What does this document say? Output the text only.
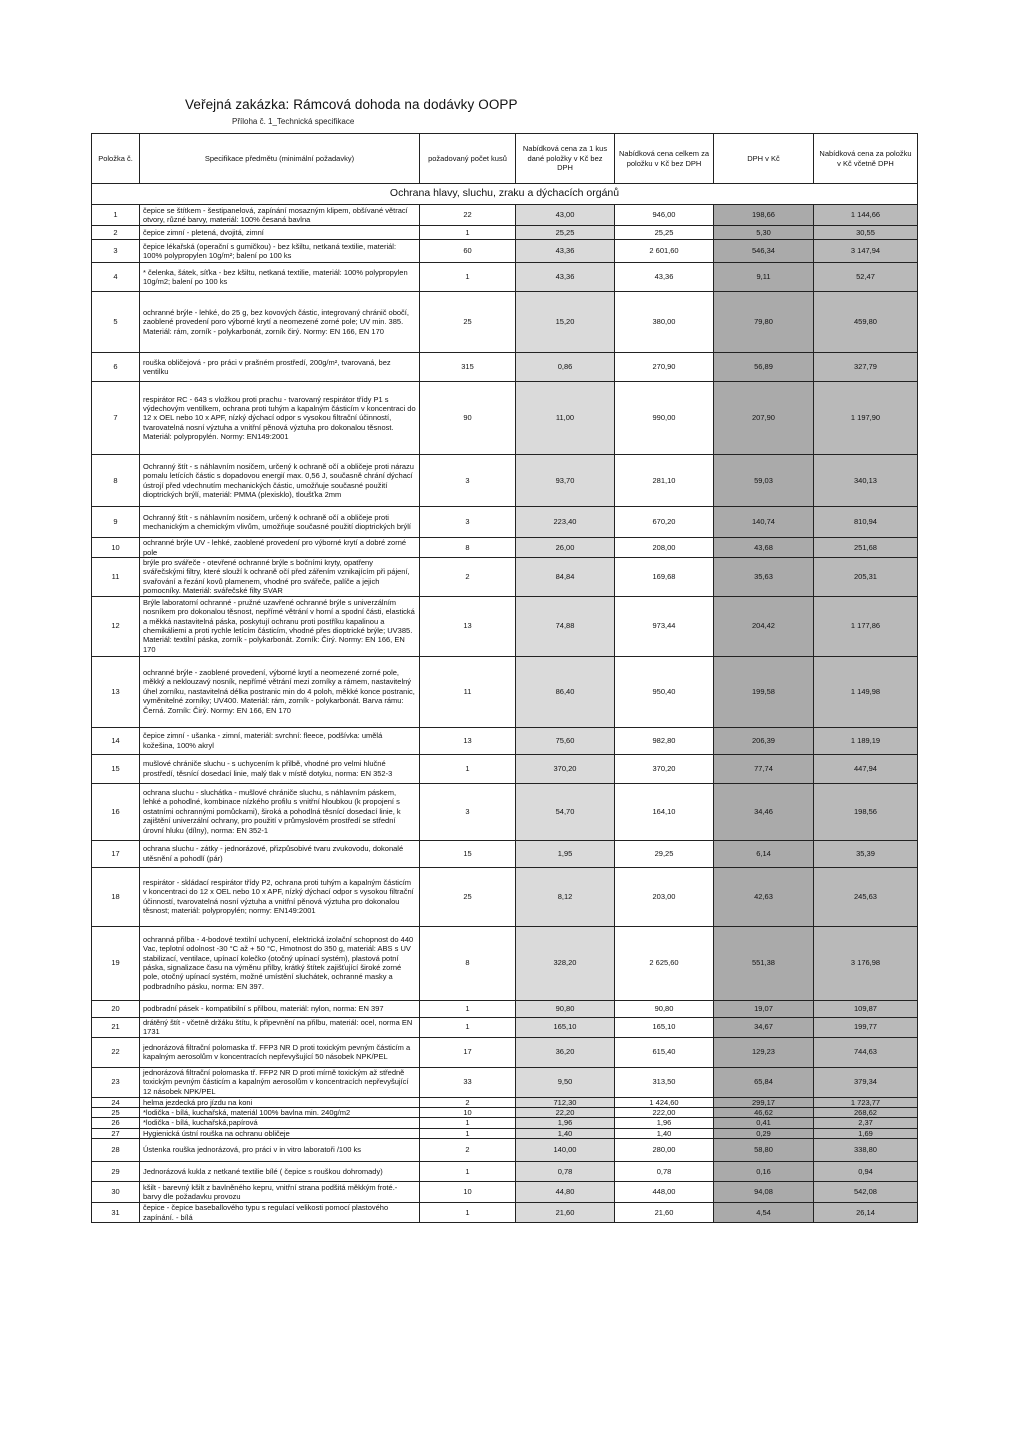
Veřejná zakázka: Rámcová dohoda na dodávky OOPP
Příloha č. 1_Technická specifikace
Položka č.	Specifikace předmětu (minimální požadavky)	požadovaný počet kusů	Nabídková cena za 1 kus dané položky v Kč bez DPH	Nabídková cena celkem za položku v Kč bez DPH	DPH v Kč	Nabídková cena za položku v Kč včetně DPH
Ochrana hlavy, sluchu, zraku a dýchacích orgánů						
1	čepice se štítkem - šestipanelová, zapínání mosazným klipem, obšívané větrací otvory, různé barvy, materiál: 100% česaná bavlna	22	43,00	946,00	198,66	1 144,66
2	čepice zimní - pletená, dvojitá, zimní	1	25,25	25,25	5,30	30,55
3	čepice lékařská (operační s gumičkou) - bez kšiltu, netkaná textilie, materiál: 100% polypropylen 10g/m²; balení po 100 ks	60	43,36	2 601,60	546,34	3 147,94
4	* čelenka, šátek, síťka - bez kšiltu, netkaná textilie, materiál: 100% polypropylen 10g/m2; balení po 100 ks	1	43,36	43,36	9,11	52,47
5	ochranné brýle - lehké, do 25 g, bez kovových částic, integrovaný chránič obočí, zaoblené provedení poro výborné krytí a neomezené zorné pole; UV min. 385. Materiál: rám, zorník - polykarbonát, zorník čirý. Normy: EN 166, EN 170	25	15,20	380,00	79,80	459,80
6	rouška obličejová - pro práci v prašném prostředí, 200g/m², tvarovaná, bez ventilku	315	0,86	270,90	56,89	327,79
7	respirátor RC - 643 s vložkou proti prachu - tvarovaný respirátor třídy P1 s výdechovým ventilkem, ochrana proti tuhým a kapalným částicím v koncentraci do 12 x OEL nebo 10 x APF, nízký dýchací odpor s vysokou filtrační účinností, tvarovatelná nosní výztuha a vnitřní pěnová výztuha pro dokonalou těsnost. Materiál: polypropylén. Normy: EN149:2001	90	11,00	990,00	207,90	1 197,90
8	Ochranný štít - s náhlavním nosičem, určený k ochraně očí a obličeje proti nárazu pomalu letících částic s dopadovou energií max. 0,56 J, současně chrání dýchací ústrojí před vdechnutím mechanických částic, umožňuje současné použití dioptrických brýlí, materiál: PMMA (plexisklo), tloušťka 2mm	3	93,70	281,10	59,03	340,13
9	Ochranný štít - s náhlavním nosičem, určený k ochraně očí a obličeje proti mechanickým a chemickým vlivům, umožňuje současné použití dioptrických brýlí	3	223,40	670,20	140,74	810,94
10	ochranné brýle UV - lehké, zaoblené provedení pro výborné krytí a dobré zorné pole	8	26,00	208,00	43,68	251,68
11	brýle pro svářeče - otevřené ochranné brýle s bočními kryty, opatřeny svářečskými filtry, které slouží k ochraně očí před zářením vznikajícím při pájení, svařování a řezání kovů plamenem, vhodné pro svářeče, palíče a jejich pomocníky. Materiál: svářečské filty SVAR	2	84,84	169,68	35,63	205,31
12	Brýle laboratorní ochranné - pružné uzavřené ochranné brýle s univerzálním nosníkem pro dokonalou těsnost, nepřímé větrání v horní a spodní části, elastická a měkká nastavitelná páska, poskytují ochranu proti postříku kapalinou a chemikáliemi a proti rychle letícím částicím, vhodné přes dioptrické brýle; UV385. Materiál: textilní páska, zorník - polykarbonát. Zorník: Čirý. Normy: EN 166, EN 170	13	74,88	973,44	204,42	1 177,86
13	ochranné brýle - zaoblené provedení, výborné krytí a neomezené zorné pole, měkký a neklouzavý nosník, nepřímé větrání mezi zorníky a rámem, nastavitelný úhel zorníku, nastavitelná délka postranic min do 4 poloh, měkké konce postranic, vyměnitelné zorníky; UV400. Materiál: rám, zorník - polykarbonát. Barva rámu: Černá. Zorník: Čirý. Normy: EN 166, EN 170	11	86,40	950,40	199,58	1 149,98
14	čepice zimní - ušanka - zimní, materiál: svrchní: fleece, podšívka: umělá kožešina, 100% akryl	13	75,60	982,80	206,39	1 189,19
15	mušlové chrániče sluchu - s uchycením k přilbě, vhodné pro velmi hlučné prostředí, těsnící dosedací linie, malý tlak v místě dotyku, norma: EN 352-3	1	370,20	370,20	77,74	447,94
16	ochrana sluchu - sluchátka - mušlové chrániče sluchu, s náhlavním páskem, lehké a pohodlné, kombinace nízkého profilu s vnitřní hloubkou (k propojení s ostatními ochrannými pomůckami), široká a pohodlná těsnící dosedací linie, k zajištění univerzální ochrany, pro použití v průmyslovém prostředí se střední úrovní hluku (dílny), norma: EN 352-1	3	54,70	164,10	34,46	198,56
17	ochrana sluchu - zátky - jednorázové, přizpůsobivé tvaru zvukovodu, dokonalé utěsnění a pohodlí (pár)	15	1,95	29,25	6,14	35,39
18	respirátor - skládací respirátor třídy P2, ochrana proti tuhým a kapalným částicím v koncentraci do 12 x OEL nebo 10 x APF, nízký dýchací odpor s vysokou filtrační účinností, tvarovatelná nosní výztuha a vnitřní pěnová výztuha pro dokonalou těsnost; materiál: polypropylén; normy: EN149:2001	25	8,12	203,00	42,63	245,63
19	ochranná přilba - 4-bodové textilní uchycení, elektrická izolační schopnost do 440 Vac, teplotní odolnost -30 °C až + 50 °C, Hmotnost do 350 g, materiál: ABS s UV stabilizací, ventilace, upínací kolečko (otočný upínací systém), plastová potní páska, signalizace času na výměnu přilby, krátký štítek zajišťující široké zorné pole, otočný upínací systém, možné umístění sluchátek, ochranné masky a podbradního pásku, norma: EN 397.	8	328,20	2 625,60	551,38	3 176,98
20	podbradní pásek - kompatibilní s přilbou, materiál: nylon, norma: EN 397	1	90,80	90,80	19,07	109,87
21	drátěný štít - včetně držáku štítu, k připevnění na přilbu, materiál: ocel, norma EN 1731	1	165,10	165,10	34,67	199,77
22	jednorázová filtrační polomaska tř. FFP3 NR D proti toxickým pevným částicím a kapalným aerosolům v koncentracích nepřevyšující 50 násobek NPK/PEL	17	36,20	615,40	129,23	744,63
23	jednorázová filtrační polomaska tř. FFP2 NR D proti mírně toxickým až středně toxickým pevným částicím a kapalným aerosolům v koncentracích nepřevyšující 12 násobek NPK/PEL	33	9,50	313,50	65,84	379,34
24	helma jezdecká pro jízdu na koni	2	712,30	1 424,60	299,17	1 723,77
25	*lodička - bílá, kuchařská, materiál 100% bavlna min. 240g/m2	10	22,20	222,00	46,62	268,62
26	*lodička - bílá, kuchařská,papírová	1	1,96	1,96	0,41	2,37
27	Hygienická ústní rouška na ochranu obličeje	1	1,40	1,40	0,29	1,69
28	Ústenka rouška jednorázová, pro práci v in vitro laboratoři /100 ks	2	140,00	280,00	58,80	338,80
29	Jednorázová kukla z netkané textilie bílé ( čepice s rouškou dohromady)	1	0,78	0,78	0,16	0,94
30	kšilt - barevný kšilt z bavlněného kepru, vnitřní strana podšitá měkkým froté.- barvy dle požadavku provozu	10	44,80	448,00	94,08	542,08
31	čepice - čepice baseballového typu s regulací velikosti pomocí plastového zapínání. - bílá	1	21,60	21,60	4,54	26,14
